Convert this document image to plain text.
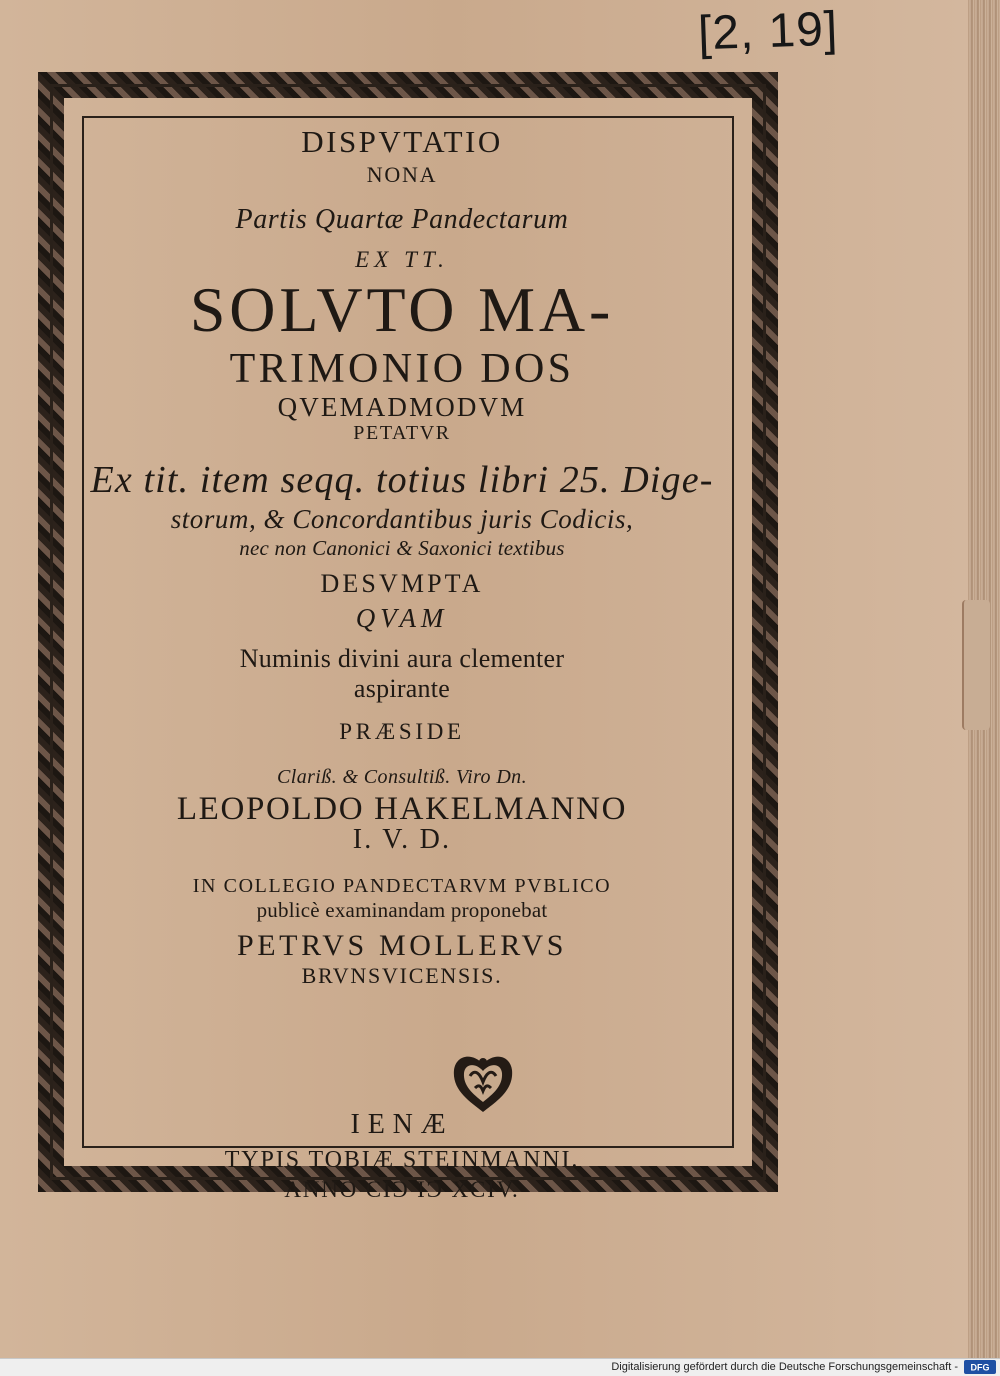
[2, 19]
DISPVTATIO
NONA
Partis Quartæ Pandectarum
EX TT.
SOLVTO MA-
TRIMONIO DOS
QVEMADMODVM
PETATVR
Ex tit. item seqq. totius libri 25. Dige-
storum, & Concordantibus juris Codicis,
nec non Canonici & Saxonici textibus
DESVMPTA
QVAM
Numinis divini aura clementer
aspirante
PRÆSIDE
Clariß. & Consultiß. Viro Dn.
LEOPOLDO HAKELMANNO
I. V. D.
IN COLLEGIO PANDECTARVM PVBLICO
publicè examinandam proponebat
PETRVS MOLLERVS
BRVNSVICENSIS.
IENÆ
TYPIS TOBIÆ STEINMANNI.
ANNO CIƆ IƆ XCIV.
Digitalisierung gefördert durch die Deutsche Forschungsgemeinschaft - DFG
